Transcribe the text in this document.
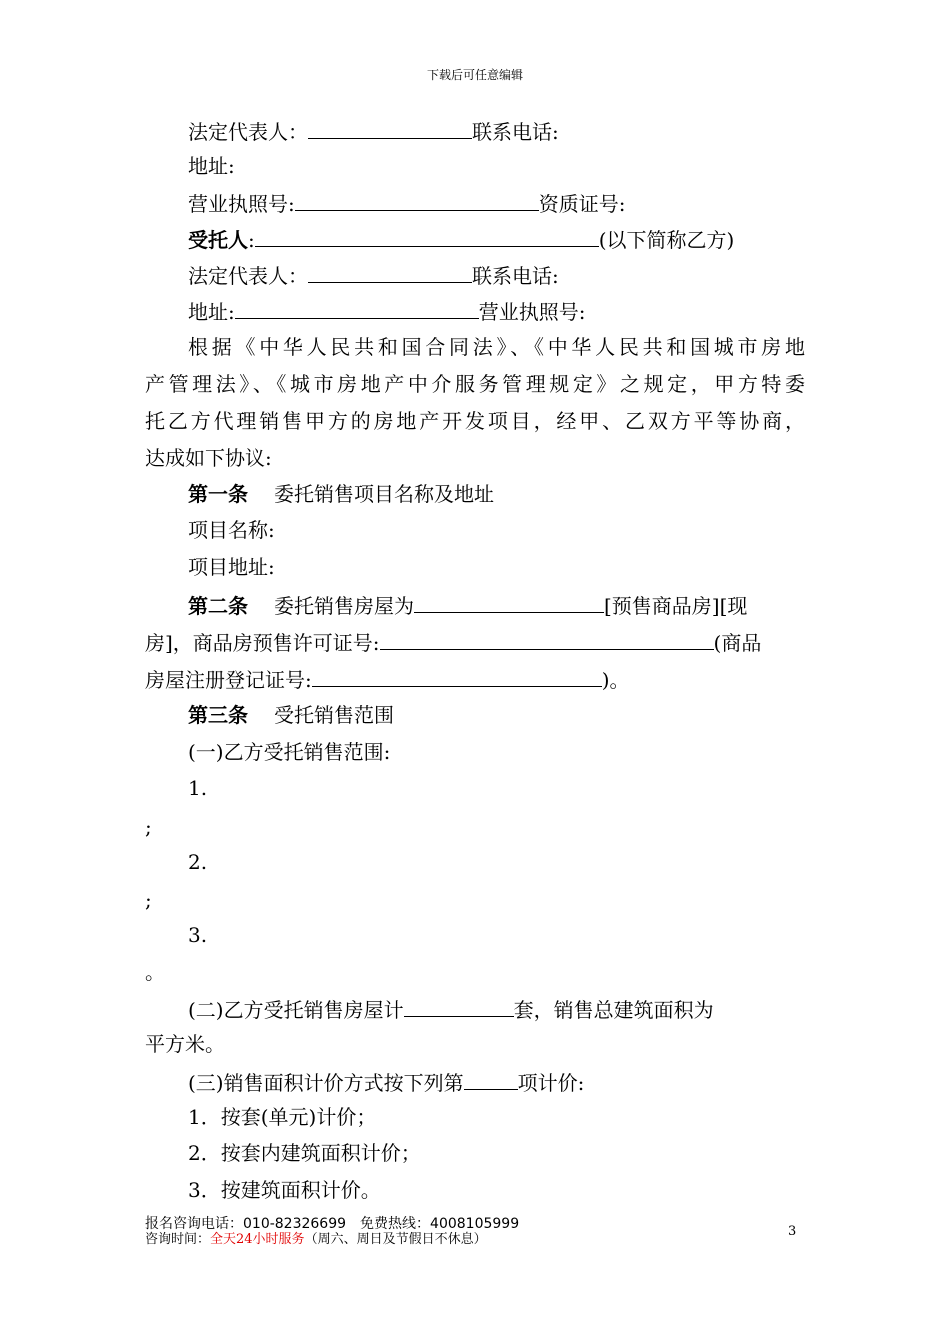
下载后可任意编辑
法定代表人：	联系电话:
地址:
营业执照号:	资质证号:
受托人:	(以下简称乙方)
法定代表人：	联系电话:
地址:	营业执照号:
根据《中华人民共和国合同法》、《中华人民共和国城市房地
产管理法》、《城市房地产中介服务管理规定》之规定，甲方特委
托乙方代理销售甲方的房地产开发项目，经甲、乙双方平等协商，
达成如下协议:
第一条 委托销售项目名称及地址
项目名称:
项目地址:
第二条 委托销售房屋为	[预售商品房][现
房]，商品房预售许可证号:	(商品
房屋注册登记证号:	)。
第三条 受托销售范围
(一)乙方受托销售范围:
1.
;
2.
;
3.
。
(二)乙方受托销售房屋计	套，销售总建筑面积为
平方米。
(三)销售面积计价方式按下列第	项计价:
1．按套(单元)计价；
2．按套内建筑面积计价；
3．按建筑面积计价。
报名咨询电话：010-82326699　免费热线：4008105999
咨询时间：全天24小时服务（周六、周日及节假日不休息）
3
